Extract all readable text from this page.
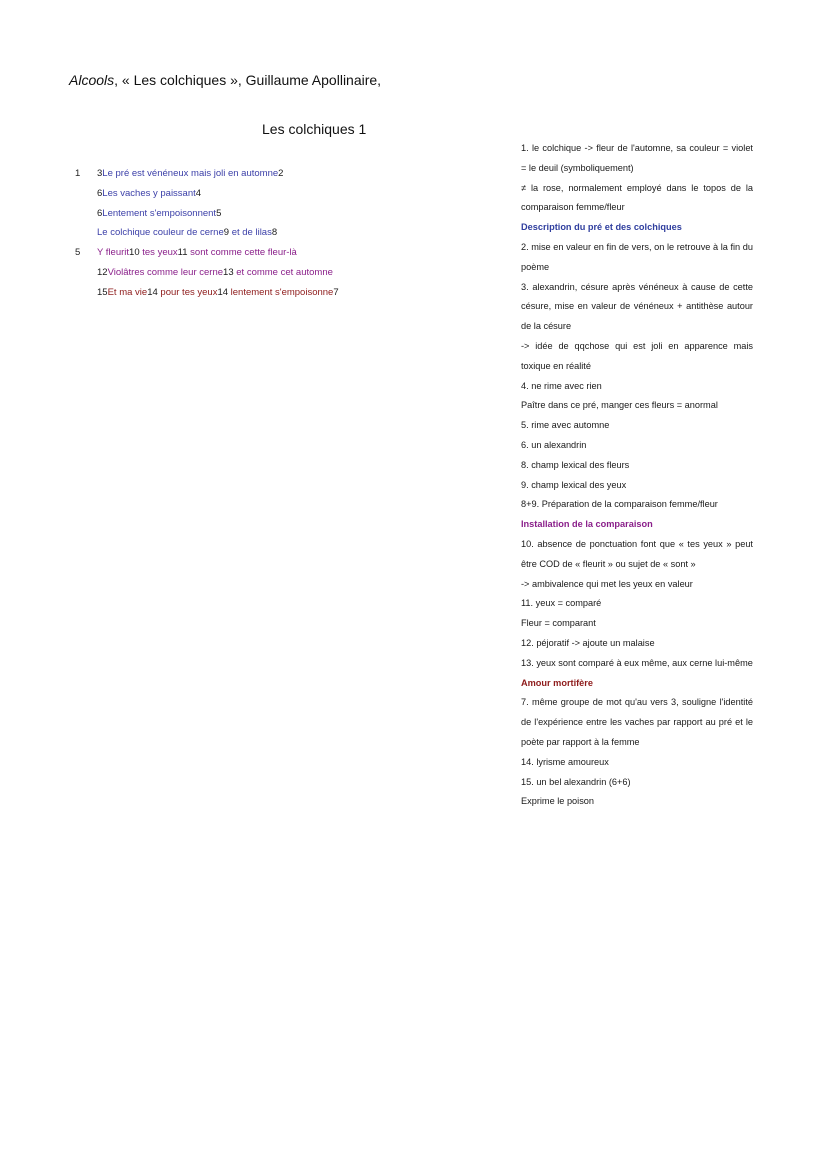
Alcools, « Les colchiques », Guillaume Apollinaire,
Les colchiques 1
1 3Le pré est vénéneux mais joli en automne2
6Les vaches y paissant4
6Lentement s'empoisonnent5
Le colchique couleur de cerne9 et de lilas8
5 Y fleurit10 tes yeux11 sont comme cette fleur-là
12Violâtres comme leur cerne13 et comme cet automne
15Et ma vie14 pour tes yeux14 lentement s'empoisonne7
1. le colchique -> fleur de l'automne, sa couleur = violet = le deuil (symboliquement)
≠ la rose, normalement employé dans le topos de la comparaison femme/fleur
Description du pré et des colchiques
2. mise en valeur en fin de vers, on le retrouve à la fin du poème
3. alexandrin, césure après vénéneux à cause de cette césure, mise en valeur de vénéneux + antithèse autour de la césure
-> idée de qqchose qui est joli en apparence mais toxique en réalité
4. ne rime avec rien
Paître dans ce pré, manger ces fleurs = anormal
5. rime avec automne
6. un alexandrin
8. champ lexical des fleurs
9. champ lexical des yeux
8+9. Préparation de la comparaison femme/fleur
Installation de la comparaison
10. absence de ponctuation font que « tes yeux » peut être COD de « fleurit » ou sujet de « sont »
-> ambivalence qui met les yeux en valeur
11. yeux = comparé
Fleur = comparant
12. péjoratif -> ajoute un malaise
13. yeux sont comparé à eux même, aux cerne lui-même
Amour mortifère
7. même groupe de mot qu'au vers 3, souligne l'identité de l'expérience entre les vaches par rapport au pré et le poète par rapport à la femme
14. lyrisme amoureux
15. un bel alexandrin (6+6)
Exprime le poison
